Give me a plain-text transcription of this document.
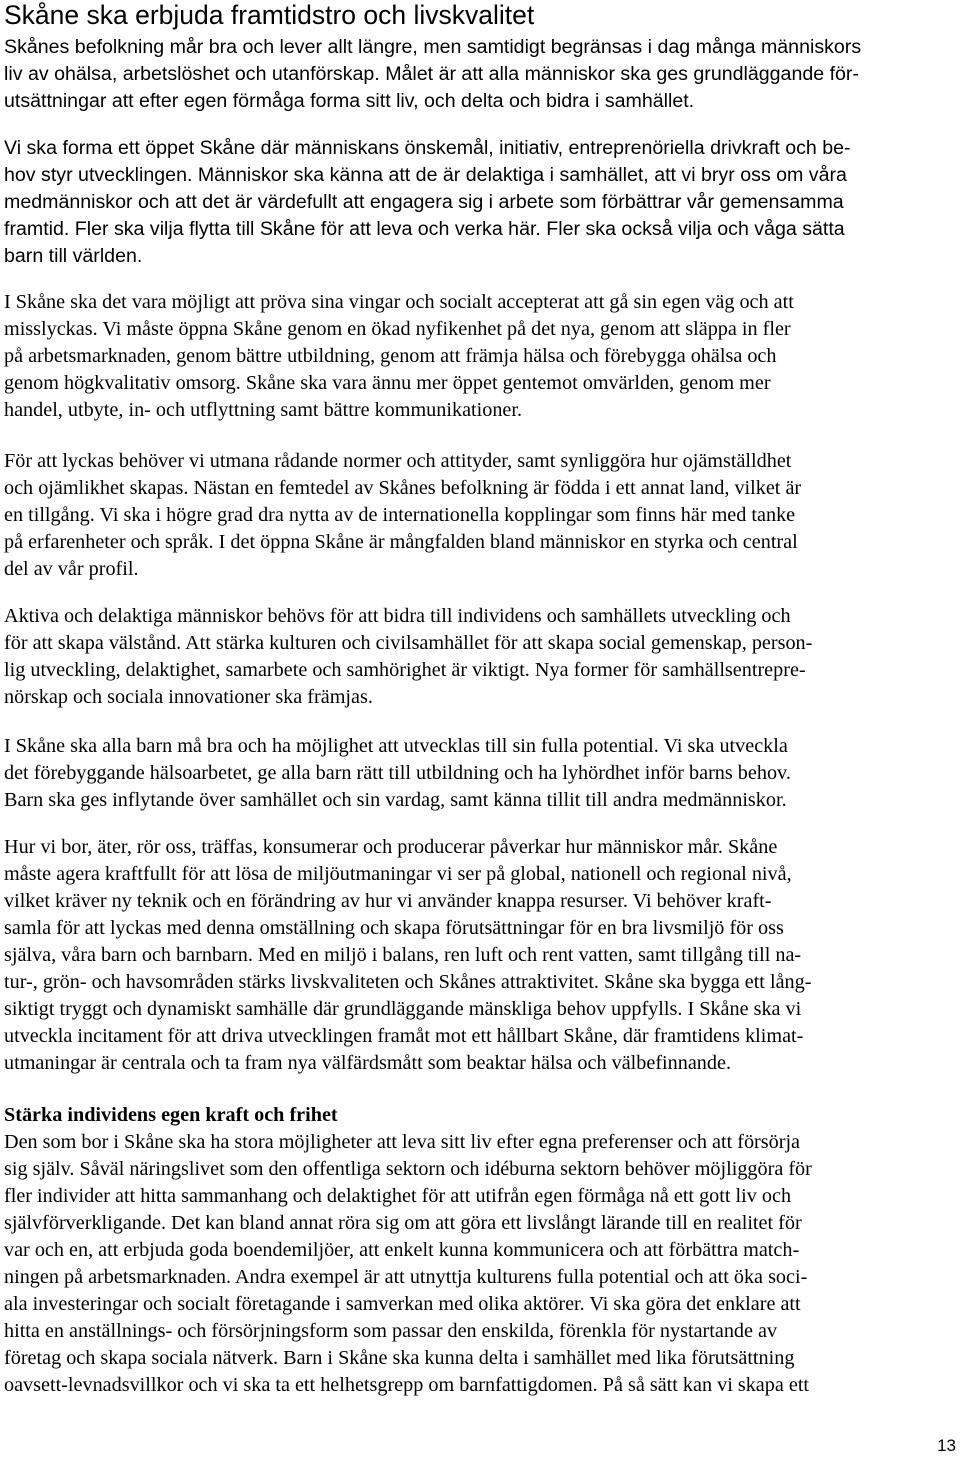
Skåne ska erbjuda framtidstro och livskvalitet

Skånes befolkning mår bra och lever allt längre, men samtidigt begränsas i dag många människors

liv av ohälsa, arbetslöshet och utanförskap. Målet är att alla människor ska ges grundläggande för-

utsättningar att efter egen förmåga forma sitt liv, och delta och bidra i samhället.

Vi ska forma ett öppet Skåne där människans önskemål, initiativ, entreprenöriella drivkraft och be-

hov styr utvecklingen. Människor ska känna att de är delaktiga i samhället, att vi bryr oss om våra

medmänniskor och att det är värdefullt att engagera sig i arbete som förbättrar vår gemensamma

framtid. Fler ska vilja flytta till Skåne för att leva och verka här. Fler ska också vilja och våga sätta

barn till världen.

I Skåne ska det vara möjligt att pröva sina vingar och socialt accepterat att gå sin egen väg och att

misslyckas. Vi måste öppna Skåne genom en ökad nyfikenhet på det nya, genom att släppa in fler

på arbetsmarknaden, genom bättre utbildning, genom att främja hälsa och förebygga ohälsa och

genom högkvalitativ omsorg. Skåne ska vara ännu mer öppet gentemot omvärlden, genom mer

handel, utbyte, in- och utflyttning samt bättre kommunikationer.

För att lyckas behöver vi utmana rådande normer och attityder, samt synliggöra hur ojämställdhet

och ojämlikhet skapas. Nästan en femtedel av Skånes befolkning är födda i ett annat land, vilket är

en tillgång. Vi ska i högre grad dra nytta av de internationella kopplingar som finns här med tanke

på erfarenheter och språk. I det öppna Skåne är mångfalden bland människor en styrka och central

del av vår profil.

Aktiva och delaktiga människor behövs för att bidra till individens och samhällets utveckling och

för att skapa välstånd. Att stärka kulturen och civilsamhället för att skapa social gemenskap, person-

lig utveckling, delaktighet, samarbete och samhörighet är viktigt. Nya former för samhällsentrepre-

nörskap och sociala innovationer ska främjas.

I Skåne ska alla barn må bra och ha möjlighet att utvecklas till sin fulla potential. Vi ska utveckla

det förebyggande hälsoarbetet, ge alla barn rätt till utbildning och ha lyhördhet inför barns behov.

Barn ska ges inflytande över samhället och sin vardag, samt känna tillit till andra medmänniskor.

Hur vi bor, äter, rör oss, träffas, konsumerar och producerar påverkar hur människor mår. Skåne

måste agera kraftfullt för att lösa de miljöutmaningar vi ser på global, nationell och regional nivå,

vilket kräver ny teknik och en förändring av hur vi använder knappa resurser. Vi behöver kraft-

samla för att lyckas med denna omställning och skapa förutsättningar för en bra livsmiljö för oss

själva, våra barn och barnbarn. Med en miljö i balans, ren luft och rent vatten, samt tillgång till na-

tur-, grön- och havsområden stärks livskvaliteten och Skånes attraktivitet. Skåne ska bygga ett lång-

siktigt tryggt och dynamiskt samhälle där grundläggande mänskliga behov uppfylls. I Skåne ska vi

utveckla incitament för att driva utvecklingen framåt mot ett hållbart Skåne, där framtidens klimat-

utmaningar är centrala och ta fram nya välfärdsmått som beaktar hälsa och välbefinnande.

Stärka individens egen kraft och frihet

Den som bor i Skåne ska ha stora möjligheter att leva sitt liv efter egna preferenser och att försörja

sig själv. Såväl näringslivet som den offentliga sektorn och idéburna sektorn behöver möjliggöra för

fler individer att hitta sammanhang och delaktighet för att utifrån egen förmåga nå ett gott liv och

självförverkligande. Det kan bland annat röra sig om att göra ett livslångt lärande till en realitet för

var och en, att erbjuda goda boendemiljöer, att enkelt kunna kommunicera och att förbättra match-

ningen på arbetsmarknaden. Andra exempel är att utnyttja kulturens fulla potential och att öka soci-

ala investeringar och socialt företagande i samverkan med olika aktörer. Vi ska göra det enklare att

hitta en anställnings- och försörjningsform som passar den enskilda, förenkla för nystartande av

företag och skapa sociala nätverk. Barn i Skåne ska kunna delta i samhället med lika förutsättning

oavsett-levnadsvillkor och vi ska ta ett helhetsgrepp om barnfattigdomen. På så sätt kan vi skapa ett

13
